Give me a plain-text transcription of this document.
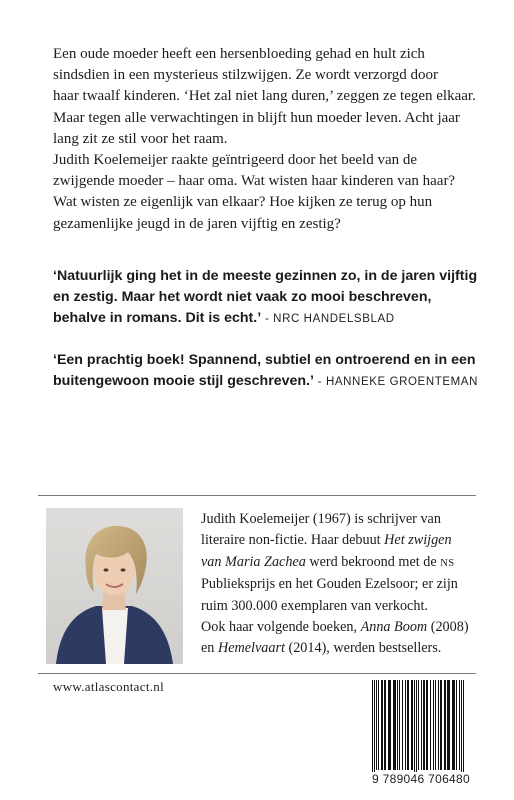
Een oude moeder heeft een hersenbloeding gehad en hult zich

sindsdien in een mysterieus stilzwijgen. Ze wordt verzorgd door

haar twaalf kinderen. ‘Het zal niet lang duren,’ zeggen ze tegen elkaar.

Maar tegen alle verwachtingen in blijft hun moeder leven. Acht jaar

lang zit ze stil voor het raam.

Judith Koelemeijer raakte geïntrigeerd door het beeld van de

zwijgende moeder – haar oma. Wat wisten haar kinderen van haar?

Wat wisten ze eigenlijk van elkaar? Hoe kijken ze terug op hun

gezamenlijke jeugd in de jaren vijftig en zestig?

‘Natuurlijk ging het in de meeste gezinnen zo, in de jaren vijftig
en zestig. Maar het wordt niet vaak zo mooi beschreven,
behalve in romans. Dit is echt.’ - NRC HANDELSBLAD
‘Een prachtig boek! Spannend, subtiel en ontroerend en in een
buitengewoon mooie stijl geschreven.’ - HANNEKE GROENTEMAN
Judith Koelemeijer (1967) is schrijver van
literaire non-fictie. Haar debuut Het zwijgen
van Maria Zachea werd bekroond met de NS
Publieksprijs en het Gouden Ezelsoor; er zijn
ruim 300.000 exemplaren van verkocht.
Ook haar volgende boeken, Anna Boom (2008)
en Hemelvaart (2014), werden bestsellers.

www.atlascontact.nl

9 789046 706480
